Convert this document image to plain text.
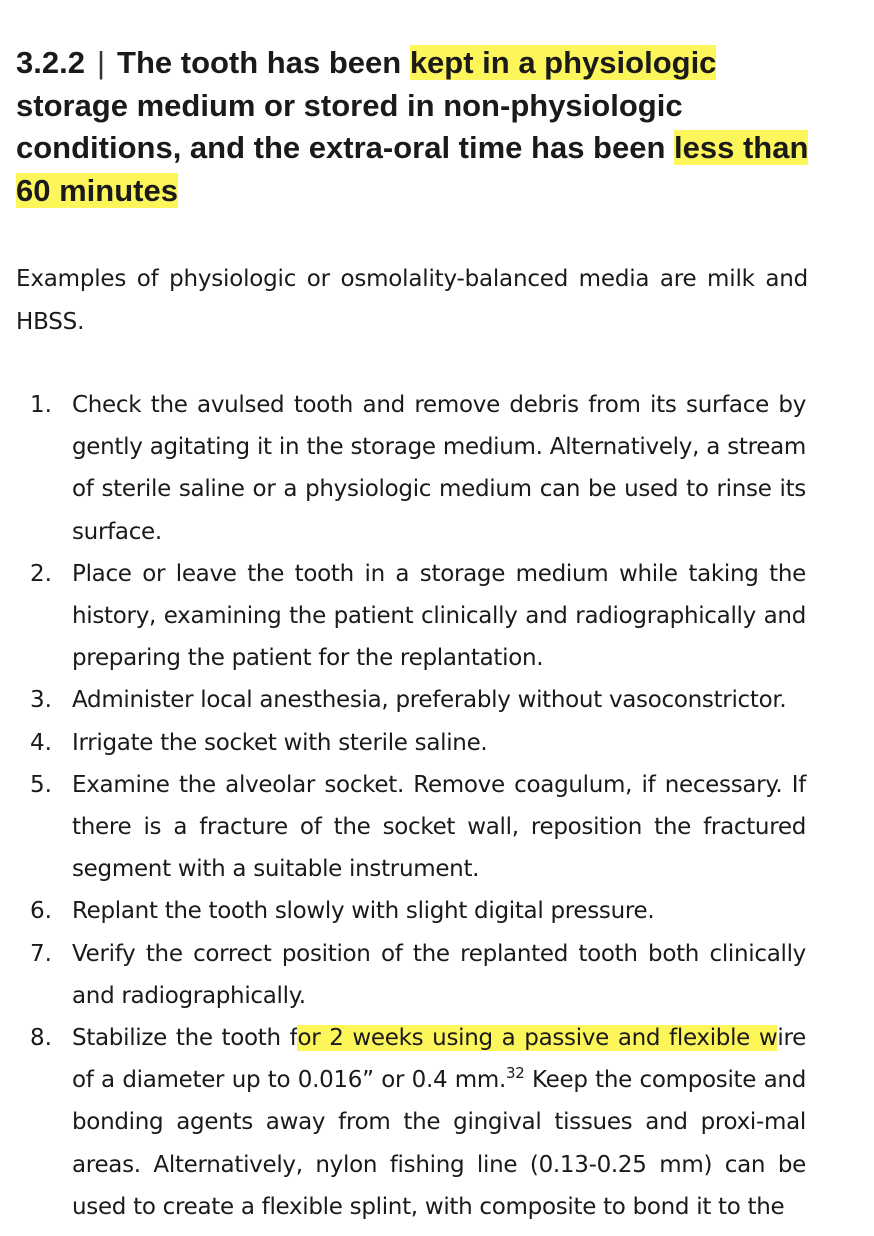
3.2.2 | The tooth has been kept in a physiologic storage medium or stored in non-physiologic conditions, and the extra-oral time has been less than 60 minutes

Examples of physiologic or osmolality-balanced media are milk and HBSS.

1. Check the avulsed tooth and remove debris from its surface by gently agitating it in the storage medium. Alternatively, a stream of sterile saline or a physiologic medium can be used to rinse its surface.
2. Place or leave the tooth in a storage medium while taking the history, examining the patient clinically and radiographically and preparing the patient for the replantation.
3. Administer local anesthesia, preferably without vasoconstrictor.
4. Irrigate the socket with sterile saline.
5. Examine the alveolar socket. Remove coagulum, if necessary. If there is a fracture of the socket wall, reposition the fractured segment with a suitable instrument.
6. Replant the tooth slowly with slight digital pressure.
7. Verify the correct position of the replanted tooth both clinically and radiographically.
8. Stabilize the tooth for 2 weeks using a passive and flexible wire of a diameter up to 0.016” or 0.4 mm.$^{32}$ Keep the composite and bonding agents away from the gingival tissues and proxi-mal areas. Alternatively, nylon fishing line (0.13-0.25 mm) can be used to create a flexible splint, with composite to bond it to the
